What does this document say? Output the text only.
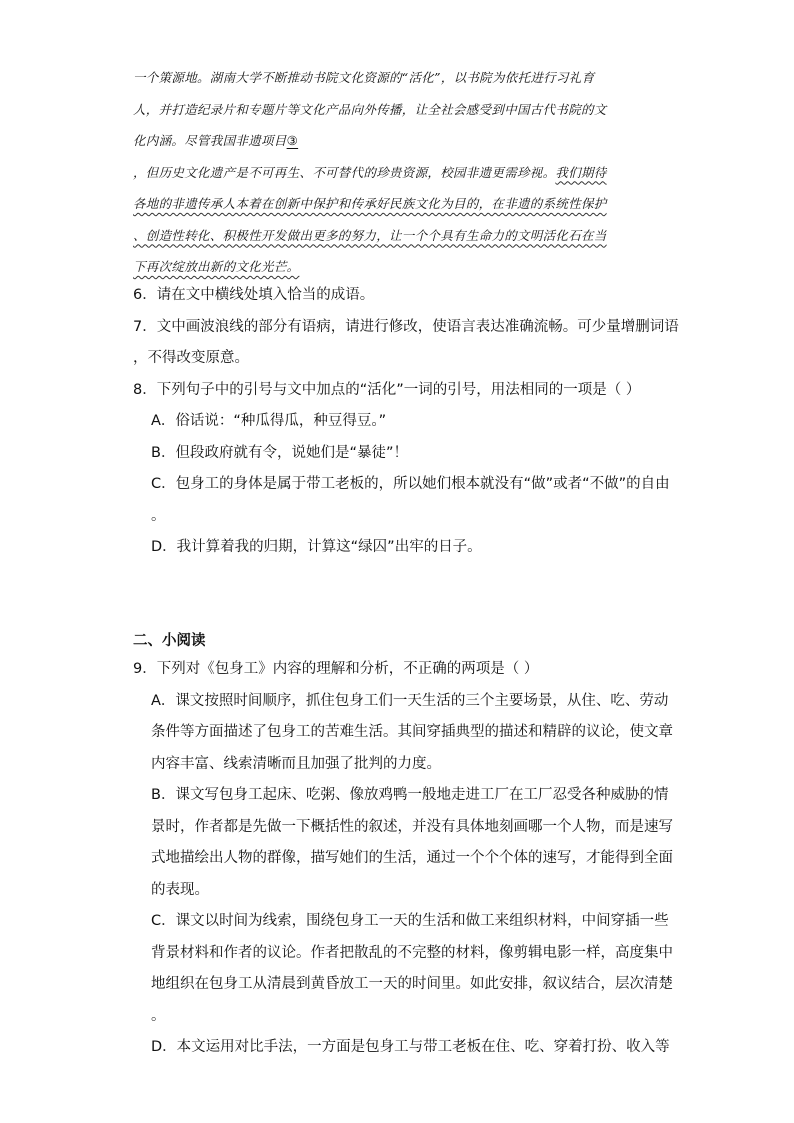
一个策源地。湖南大学不断推动书院文化资源的“活化”，以书院为依托进行习礼育

人，并打造纪录片和专题片等文化产品向外传播，让全社会感受到中国古代书院的文

化内涵。尽管我国非遗项目③

，但历史文化遗产是不可再生、不可替代的珍贵资源，校园非遗更需珍视。我们期待

各地的非遗传承人本着在创新中保护和传承好民族文化为目的，在非遗的系统性保护

、创造性转化、积极性开发做出更多的努力，让一个个具有生命力的文明活化石在当

下再次绽放出新的文化光芒。

6．请在文中横线处填入恰当的成语。

7．文中画波浪线的部分有语病，请进行修改，使语言表达准确流畅。可少量增删词语

，不得改变原意。

8．下列句子中的引号与文中加点的“活化”一词的引号，用法相同的一项是（ ）

A．俗话说：“种瓜得瓜，种豆得豆。”

B．但段政府就有令，说她们是“暴徒”！

C．包身工的身体是属于带工老板的，所以她们根本就没有“做”或者“不做”的自由

。

D．我计算着我的归期，计算这“绿囚”出牢的日子。

二、小阅读

9．下列对《包身工》内容的理解和分析，不正确的两项是（ ）

A．课文按照时间顺序，抓住包身工们一天生活的三个主要场景，从住、吃、劳动

条件等方面描述了包身工的苦难生活。其间穿插典型的描述和精辟的议论，使文章

内容丰富、线索清晰而且加强了批判的力度。

B．课文写包身工起床、吃粥、像放鸡鸭一般地走进工厂在工厂忍受各种威胁的情

景时，作者都是先做一下概括性的叙述，并没有具体地刻画哪一个人物，而是速写

式地描绘出人物的群像，描写她们的生活，通过一个个个体的速写，才能得到全面

的表现。

C．课文以时间为线索，围绕包身工一天的生活和做工来组织材料，中间穿插一些

背景材料和作者的议论。作者把散乱的不完整的材料，像剪辑电影一样，高度集中

地组织在包身工从清晨到黄昏放工一天的时间里。如此安排，叙议结合，层次清楚

。

D．本文运用对比手法，一方面是包身工与带工老板在住、吃、穿着打扮、收入等
